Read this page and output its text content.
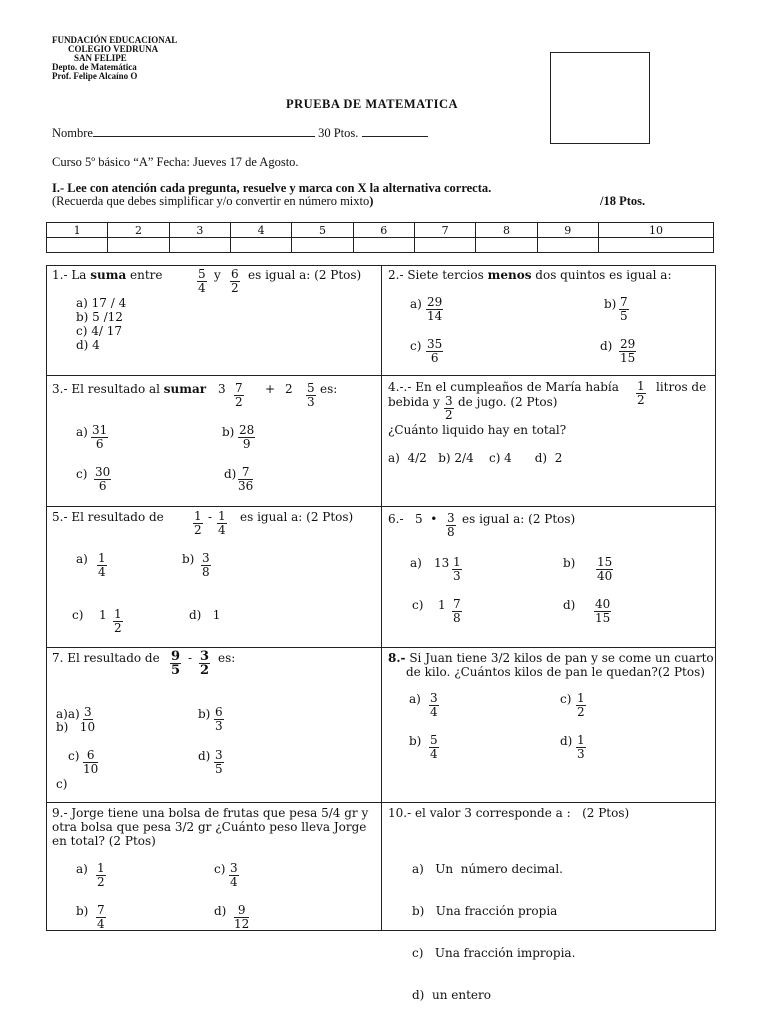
FUNDACIÓN EDUCACIONAL
COLEGIO VEDRUNA
SAN FELIPE
Depto. de Matemática
Prof. Felipe Alcaíno O
PRUEBA DE MATEMATICA
Nombre	30 Ptos.
Curso 5º básico “A” Fecha: Jueves 17 de Agosto.
I.- Lee con atención cada pregunta, resuelve y marca con X la alternativa correcta.
(Recuerda que debes simplificar y/o convertir en número mixto)	/18 Ptos.
1	2	3	4	5	6	7	8	9	10

1.- La suma entre	$\frac{5}{4}$ y $\frac{6}{2}$ es igual a: (2 Ptos)
a) 17 / 4
b) 5 /12
c) 4/ 17
d) 4
2.- Siete tercios menos dos quintos es igual a:
$a) \frac{29}{14}$	$b) \frac{7}{5}$
$c) \frac{35}{6}$	$d) \frac{29}{15}$
3.- El resultado al sumar $3 \frac{7}{2} + 2 \frac{5}{3}$ es:
$a) \frac{31}{6}$	$b) \frac{28}{9}$
$c) \frac{30}{6}$	$d) \frac{7}{36}$
4.-.- En el cumpleaños de María había $\frac{1}{2}$ litros de
bebida y $\frac{3}{2}$ de jugo. (2 Ptos)
¿Cuánto liquido hay en total?
a)  4/2   b) 2/4    c) 4      d)  2
5.- El resultado de $\frac{1}{2} - \frac{1}{4}$ es igual a: (2 Ptos)
$a) \frac{1}{4}$	$b) \frac{3}{8}$
c) $1 \frac{1}{2}$	d)   1
6.-   5  • $\frac{3}{8}$ es igual a: (2 Ptos)
a) $13 \frac{1}{3}$	$b) \frac{15}{40}$
c) $1 \frac{7}{8}$	$d) \frac{40}{15}$
7. El resultado de $\frac{9}{5} - \frac{3}{2}$ es:
a)a) 3
b)   10
$b) \frac{6}{3}$
$c) \frac{6}{10}$
c)
$d) \frac{3}{5}$
8.- Si Juan tiene 3/2 kilos de pan y se come un cuarto
de kilo. ¿Cuántos kilos de pan le quedan?(2 Ptos)
$a) \frac{3}{4}$	$c) \frac{1}{2}$
$b) \frac{5}{4}$	$d) \frac{1}{3}$
9.- Jorge tiene una bolsa de frutas que pesa 5/4 gr y
otra bolsa que pesa 3/2 gr ¿Cuánto peso lleva Jorge
en total? (2 Ptos)
$a) \frac{1}{2}$	$c) \frac{3}{4}$
$b) \frac{7}{4}$	$d) \frac{9}{12}$
10.- el valor 3 corresponde a :   (2 Ptos)

a)   Un  número decimal.

b)   Una fracción propia

c)   Una fracción impropia.

d)  un entero
